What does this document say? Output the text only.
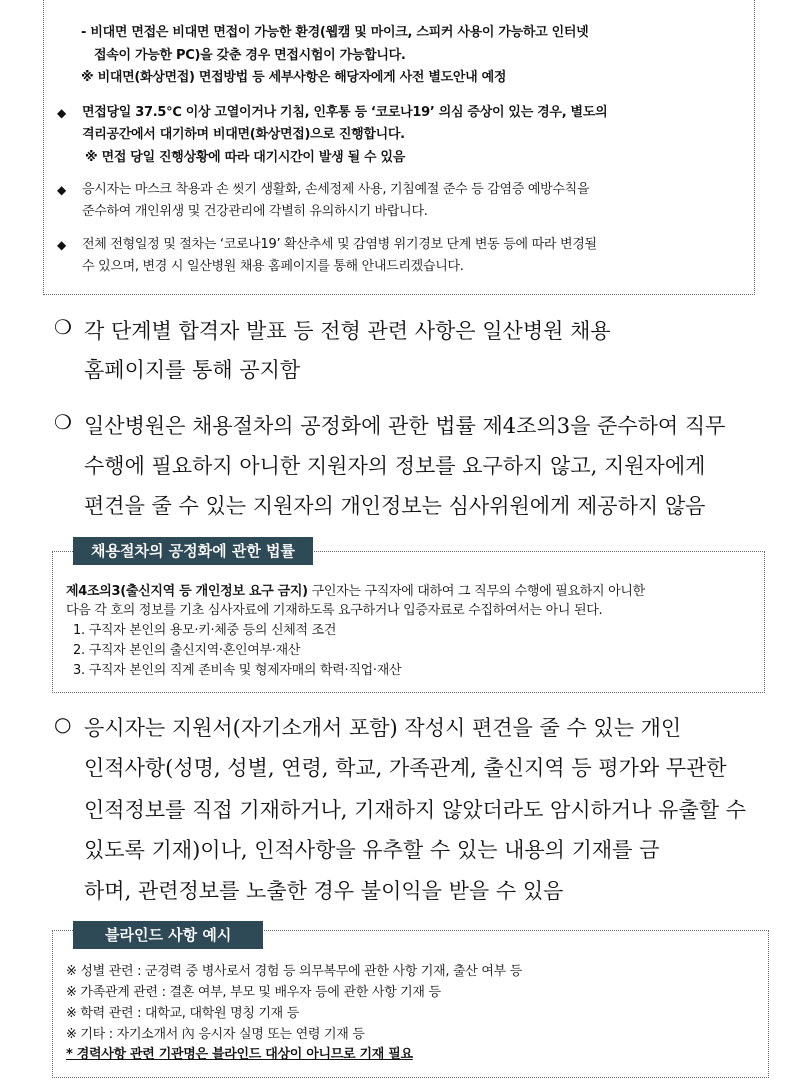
- 비대면 면접은 비대면 면접이 가능한 환경(웹캠 및 마이크, 스피커 사용이 가능하고 인터넷
접속이 가능한 PC)을 갖춘 경우 면접시험이 가능합니다.
※ 비대면(화상면접) 면접방법 등 세부사항은 해당자에게 사전 별도안내 예정
◆ 면접당일 37.5℃ 이상 고열이거나 기침, 인후통 등 ‘코로나19’ 의심 증상이 있는 경우, 별도의
격리공간에서 대기하며 비대면(화상면접)으로 진행합니다.
※ 면접 당일 진행상황에 따라 대기시간이 발생 될 수 있음
◆ 응시자는 마스크 착용과 손 씻기 생활화, 손세정제 사용, 기침예절 준수 등 감염증 예방수칙을
준수하여 개인위생 및 건강관리에 각별히 유의하시기 바랍니다.
◆ 전체 전형일정 및 절차는 ‘코로나19’ 확산추세 및 감염병 위기경보 단계 변동 등에 따라 변경될
수 있으며, 변경 시 일산병원 채용 홈페이지를 통해 안내드리겠습니다.
❍ 각 단계별 합격자 발표 등 전형 관련 사항은 일산병원 채용
홈페이지를 통해 공지함
❍ 일산병원은 채용절차의 공정화에 관한 법률 제4조의3을 준수하여 직무
수행에 필요하지 아니한 지원자의 정보를 요구하지 않고, 지원자에게
편견을 줄 수 있는 지원자의 개인정보는 심사위원에게 제공하지 않음
채용절차의 공정화에 관한 법률
제4조의3(출신지역 등 개인정보 요구 금지) 구인자는 구직자에 대하여 그 직무의 수행에 필요하지 아니한
다음 각 호의 정보를 기초 심사자료에 기재하도록 요구하거나 입증자료로 수집하여서는 아니 된다.
1. 구직자 본인의 용모·키·체중 등의 신체적 조건
2. 구직자 본인의 출신지역·혼인여부·재산
3. 구직자 본인의 직계 존비속 및 형제자매의 학력·직업·재산
○ 응시자는 지원서(자기소개서 포함) 작성시 편견을 줄 수 있는 개인
인적사항(성명, 성별, 연령, 학교, 가족관계, 출신지역 등 평가와 무관한
인적정보를 직접 기재하거나, 기재하지 않았더라도 암시하거나 유출할 수
있도록 기재)이나, 인적사항을 유추할 수 있는 내용의 기재를 금
하며, 관련정보를 노출한 경우 불이익을 받을 수 있음
블라인드 사항 예시
※ 성별 관련 : 군경력 중 병사로서 경험 등 의무복무에 관한 사항 기재, 출산 여부 등
※ 가족관계 관련 : 결혼 여부, 부모 및 배우자 등에 관한 사항 기재 등
※ 학력 관련 : 대학교, 대학원 명칭 기재 등
※ 기타 : 자기소개서 內 응시자 실명 또는 연령 기재 등
* 경력사항 관련 기관명은 블라인드 대상이 아니므로 기재 필요
